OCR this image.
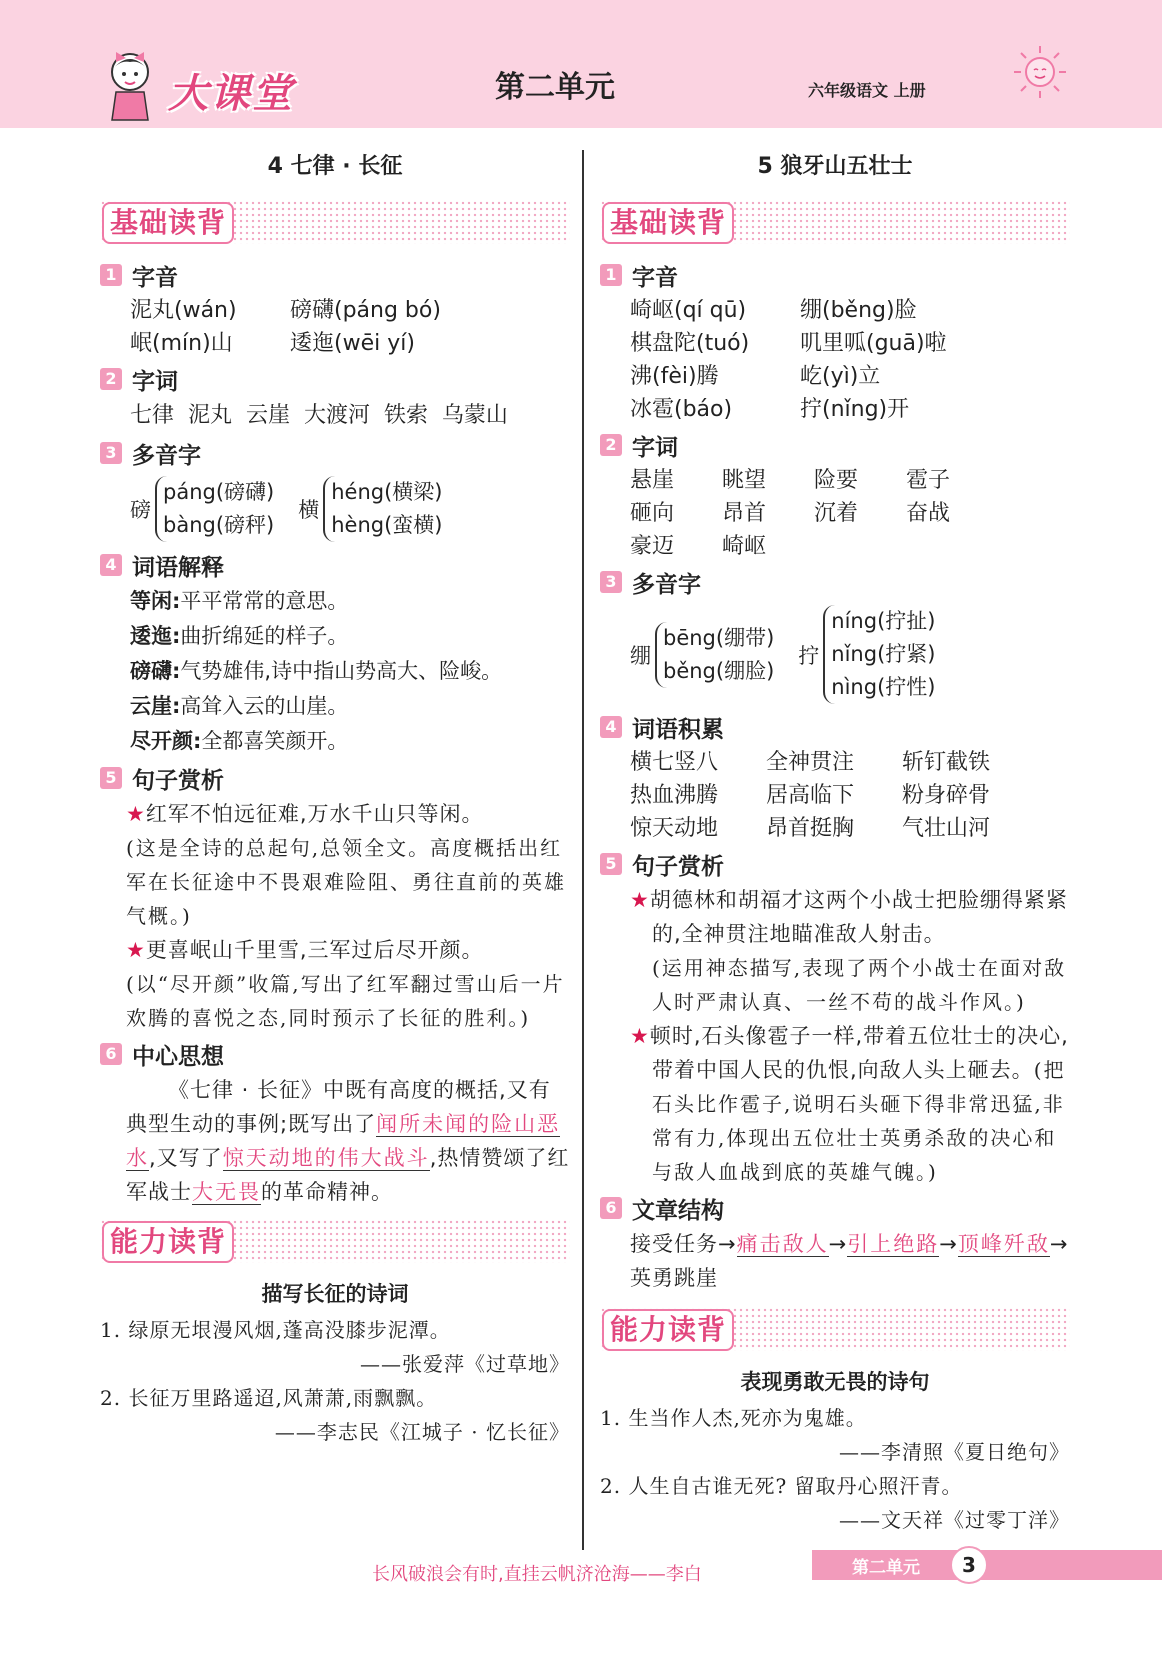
大课堂	第二单元	六年级语文 上册
4 七律 · 长征
基础读背
1 字音
泥丸(wán)	磅礴(páng bó)
岷(mín)山	逶迤(wēi yí)
2 字词
七律  泥丸  云崖  大渡河  铁索  乌蒙山
3 多音字
磅
páng(磅礴)
bàng(磅秤)
横
héng(横梁)
hèng(蛮横)
4 词语解释
等闲:平平常常的意思。
逶迤:曲折绵延的样子。
磅礴:气势雄伟,诗中指山势高大、险峻。
云崖:高耸入云的山崖。
尽开颜:全都喜笑颜开。
5 句子赏析
★红军不怕远征难,万水千山只等闲。
(这是全诗的总起句,总领全文。高度概括出红军在长征途中不畏艰难险阻、勇往直前的英雄气概。)
★更喜岷山千里雪,三军过后尽开颜。
(以“尽开颜”收篇,写出了红军翻过雪山后一片欢腾的喜悦之态,同时预示了长征的胜利。)
6 中心思想
《七律 · 长征》中既有高度的概括,又有典型生动的事例;既写出了闻所未闻的险山恶水,又写了惊天动地的伟大战斗,热情赞颂了红军战士大无畏的革命精神。
能力读背
描写长征的诗词
1. 绿原无垠漫风烟,蓬高没膝步泥潭。
——张爱萍《过草地》
2. 长征万里路遥迢,风萧萧,雨飘飘。
——李志民《江城子 · 忆长征》
5 狼牙山五壮士
基础读背
1 字音
崎岖(qí qū)	绷(běng)脸
棋盘陀(tuó)	叽里呱(guā)啦
沸(fèi)腾	屹(yì)立
冰雹(báo)	拧(nǐng)开
2 字词
悬崖	眺望	险要	雹子
砸向	昂首	沉着	奋战
豪迈	崎岖
3 多音字
绷
bēng(绷带)
běng(绷脸)
拧
níng(拧扯)
nǐng(拧紧)
nìng(拧性)
4 词语积累
横七竖八	全神贯注	斩钉截铁
热血沸腾	居高临下	粉身碎骨
惊天动地	昂首挺胸	气壮山河
5 句子赏析
★胡德林和胡福才这两个小战士把脸绷得紧紧的,全神贯注地瞄准敌人射击。
(运用神态描写,表现了两个小战士在面对敌人时严肃认真、一丝不苟的战斗作风。)
★顿时,石头像雹子一样,带着五位壮士的决心,带着中国人民的仇恨,向敌人头上砸去。(把石头比作雹子,说明石头砸下得非常迅猛,非常有力,体现出五位壮士英勇杀敌的决心和与敌人血战到底的英雄气魄。)
6 文章结构
接受任务→痛击敌人→引上绝路→顶峰歼敌→英勇跳崖
能力读背
表现勇敢无畏的诗句
1. 生当作人杰,死亦为鬼雄。
——李清照《夏日绝句》
2. 人生自古谁无死? 留取丹心照汗青。
——文天祥《过零丁洋》
长风破浪会有时,直挂云帆济沧海——李白	第二单元	3
